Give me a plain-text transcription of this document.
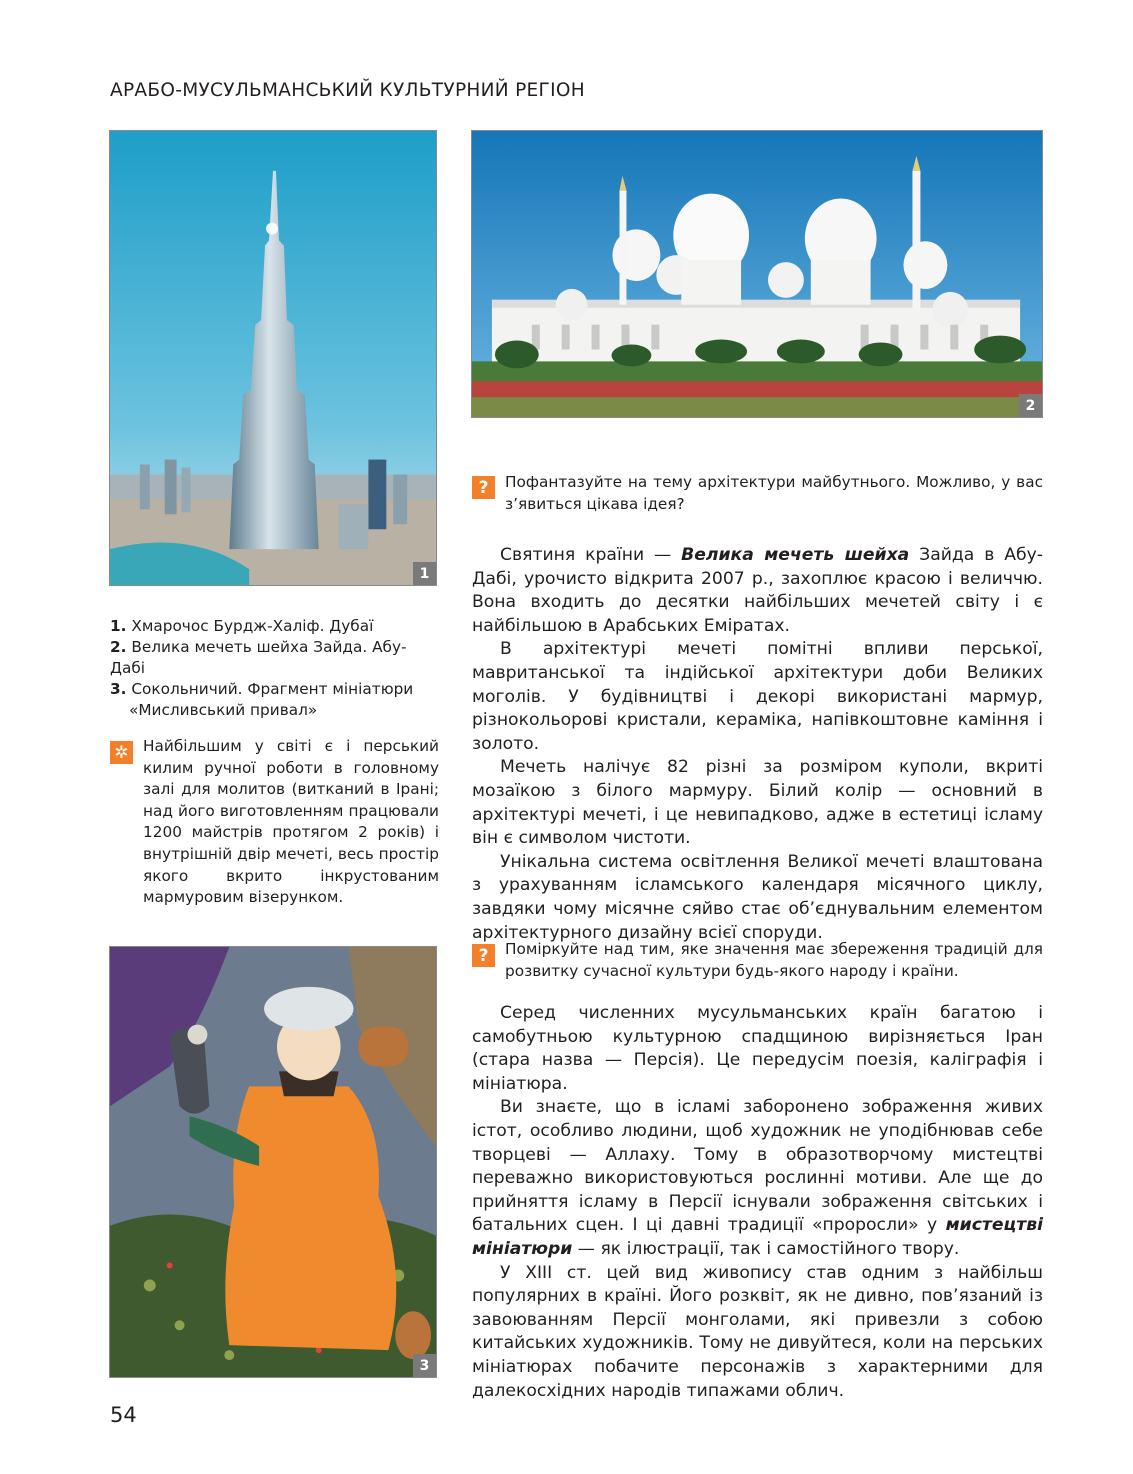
АРАБО-МУСУЛЬМАНСЬКИЙ КУЛЬТУРНИЙ РЕГІОН
1
2
3
1. Хмарочос Бурдж-Халіф. Дубаї
2. Велика мечеть шейха Зайда. Абу-Дабі
3. Сокольничий. Фрагмент мініатюри
«Мисливський привал»
✲ Найбільшим у світі є і перський килим ручної роботи в головному залі для молитов (витканий в Ірані; над його виготовленням працювали 1200 майстрів протягом 2 років) і внутрішній двір мечеті, весь простір якого вкрито інкрустованим мармуровим візерунком.
?	Пофантазуйте на тему архітектури майбутнього. Можливо, у вас з’явиться цікава ідея?

Святиня країни — Велика мечеть шейха Зайда в Абу-Дабі, урочисто відкрита 2007 р., захоплює красою і величчю. Вона входить до десятки найбільших мечетей світу і є найбільшою в Арабських Еміратах.

В архітектурі мечеті помітні впливи перської, мавританської та індійської архітектури доби Великих моголів. У будівництві і декорі використані мармур, різнокольорові кристали, кераміка, напівкоштовне каміння і золото.

Мечеть налічує 82 різні за розміром куполи, вкриті мозаїкою з білого мармуру. Білий колір — основний в архітектурі мечеті, і це невипадково, адже в естетиці ісламу він є символом чистоти.

Унікальна система освітлення Великої мечеті влаштована з урахуванням ісламського календаря місячного циклу, завдяки чому місячне сяйво стає об’єднувальним елементом архітектурного дизайну всієї споруди.

?	Поміркуйте над тим, яке значення має збереження традицій для розвитку сучасної культури будь-якого народу і країни.

Серед численних мусульманських країн багатою і самобутньою культурною спадщиною вирізняється Іран (стара назва — Персія). Це передусім поезія, каліграфія і мініатюра.

Ви знаєте, що в ісламі заборонено зображення живих істот, особливо людини, щоб художник не уподібнював себе творцеві — Аллаху. Тому в образотворчому мистецтві переважно використовуються рослинні мотиви. Але ще до прийняття ісламу в Персії існували зображення світських і батальних сцен. І ці давні традиції «проросли» у мистецтві мініатюри — як ілюстрації, так і самостійного твору.

У XIII ст. цей вид живопису став одним з найбільш популярних в країні. Його розквіт, як не дивно, пов’язаний із завоюванням Персії монголами, які привезли з собою китайських художників. Тому не дивуйтеся, коли на перських мініатюрах побачите персонажів з характерними для далекосхідних народів типажами облич.

54
